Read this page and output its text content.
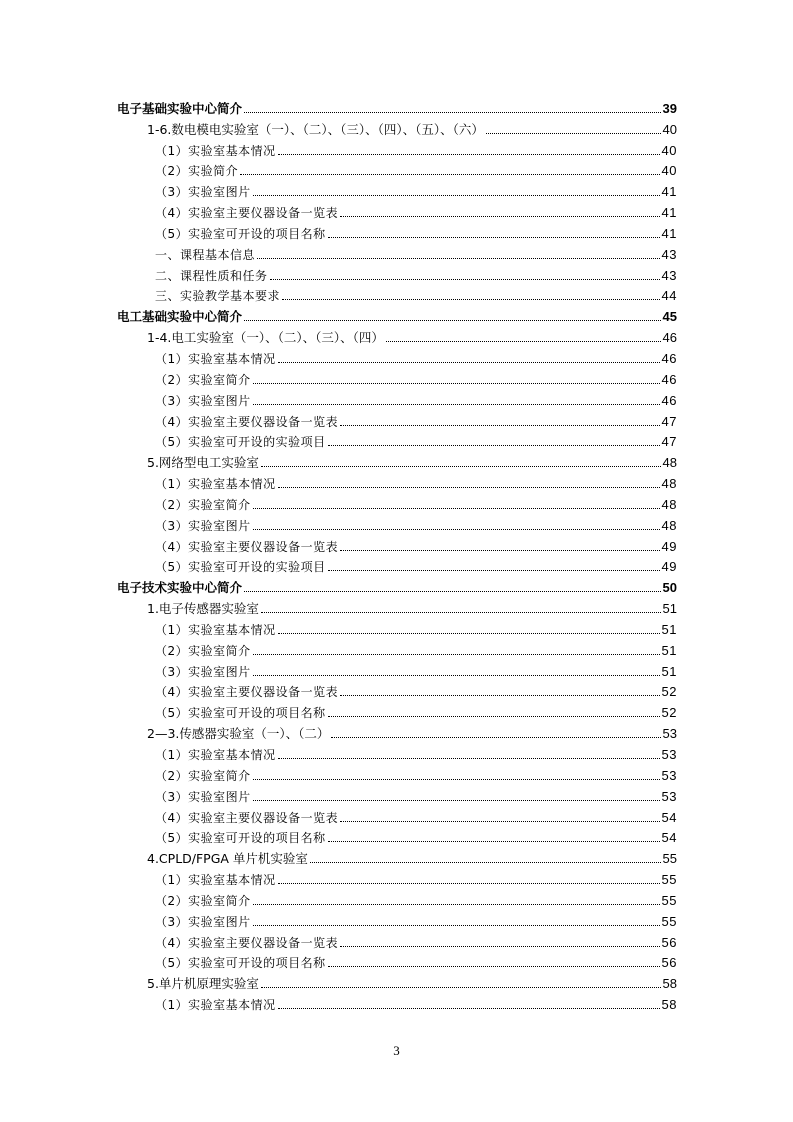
电子基础实验中心简介	39
1-6.数电模电实验室（一）、（二）、（三）、（四）、（五）、（六）	40
（1）实验室基本情况	40
（2）实验简介	40
（3）实验室图片	41
（4）实验室主要仪器设备一览表	41
（5）实验室可开设的项目名称	41
一、课程基本信息	43
二、课程性质和任务	43
三、实验教学基本要求	44
电工基础实验中心简介	45
1-4.电工实验室（一）、（二）、（三）、（四）	46
（1）实验室基本情况	46
（2）实验室简介	46
（3）实验室图片	46
（4）实验室主要仪器设备一览表	47
（5）实验室可开设的实验项目	47
5.网络型电工实验室	48
（1）实验室基本情况	48
（2）实验室简介	48
（3）实验室图片	48
（4）实验室主要仪器设备一览表	49
（5）实验室可开设的实验项目	49
电子技术实验中心简介	50
1.电子传感器实验室	51
（1）实验室基本情况	51
（2）实验室简介	51
（3）实验室图片	51
（4）实验室主要仪器设备一览表	52
（5）实验室可开设的项目名称	52
2—3.传感器实验室（一）、（二）	53
（1）实验室基本情况	53
（2）实验室简介	53
（3）实验室图片	53
（4）实验室主要仪器设备一览表	54
（5）实验室可开设的项目名称	54
4.CPLD/FPGA 单片机实验室	55
（1）实验室基本情况	55
（2）实验室简介	55
（3）实验室图片	55
（4）实验室主要仪器设备一览表	56
（5）实验室可开设的项目名称	56
5.单片机原理实验室	58
（1）实验室基本情况	58
3
